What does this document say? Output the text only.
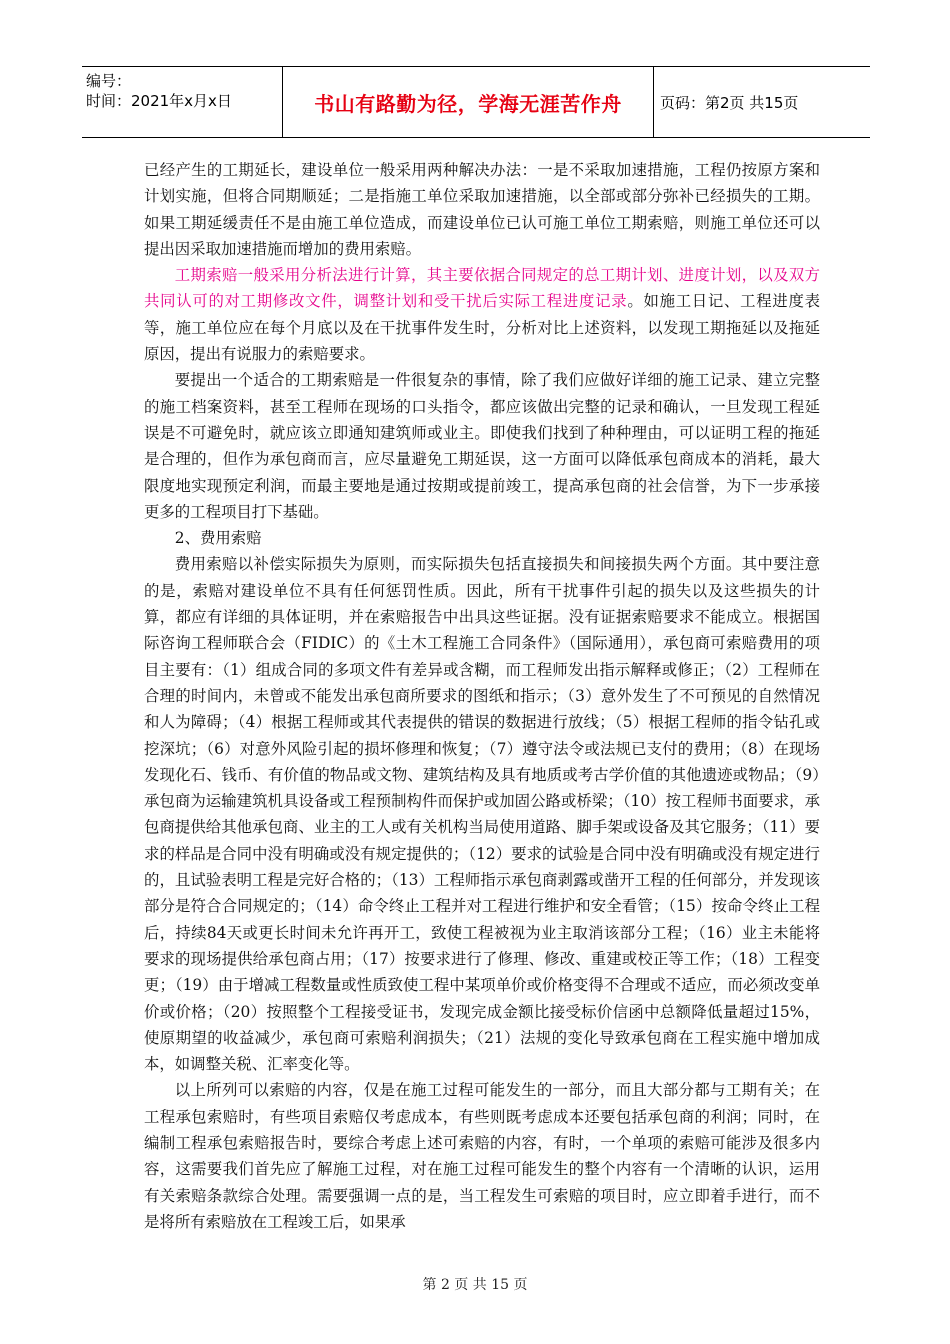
编号：
时间：2021年x月x日	书山有路勤为径，学海无涯苦作舟	页码：第2页 共15页

已经产生的工期延长，建设单位一般采用两种解决办法：一是不采取加速措施，工程仍按原方案和计划实施，但将合同期顺延；二是指施工单位采取加速措施，以全部或部分弥补已经损失的工期。如果工期延缓责任不是由施工单位造成，而建设单位已认可施工单位工期索赔，则施工单位还可以提出因采取加速措施而增加的费用索赔。

工期索赔一般采用分析法进行计算，其主要依据合同规定的总工期计划、进度计划，以及双方共同认可的对工期修改文件，调整计划和受干扰后实际工程进度记录。如施工日记、工程进度表等，施工单位应在每个月底以及在干扰事件发生时，分析对比上述资料，以发现工期拖延以及拖延原因，提出有说服力的索赔要求。

要提出一个适合的工期索赔是一件很复杂的事情，除了我们应做好详细的施工记录、建立完整的施工档案资料，甚至工程师在现场的口头指令，都应该做出完整的记录和确认，一旦发现工程延误是不可避免时，就应该立即通知建筑师或业主。即使我们找到了种种理由，可以证明工程的拖延是合理的，但作为承包商而言，应尽量避免工期延误，这一方面可以降低承包商成本的消耗，最大限度地实现预定利润，而最主要地是通过按期或提前竣工，提高承包商的社会信誉，为下一步承接更多的工程项目打下基础。

2、费用索赔

费用索赔以补偿实际损失为原则，而实际损失包括直接损失和间接损失两个方面。其中要注意的是，索赔对建设单位不具有任何惩罚性质。因此，所有干扰事件引起的损失以及这些损失的计算，都应有详细的具体证明，并在索赔报告中出具这些证据。没有证据索赔要求不能成立。根据国际咨询工程师联合会（FIDIC）的《土木工程施工合同条件》（国际通用），承包商可索赔费用的项目主要有：（1）组成合同的多项文件有差异或含糊，而工程师发出指示解释或修正；（2）工程师在合理的时间内，未曾或不能发出承包商所要求的图纸和指示；（3）意外发生了不可预见的自然情况和人为障碍；（4）根据工程师或其代表提供的错误的数据进行放线；（5）根据工程师的指令钻孔或挖深坑；（6）对意外风险引起的损坏修理和恢复；（7）遵守法令或法规已支付的费用；（8）在现场发现化石、钱币、有价值的物品或文物、建筑结构及具有地质或考古学价值的其他遗迹或物品；（9）承包商为运输建筑机具设备或工程预制构件而保护或加固公路或桥梁；（10）按工程师书面要求，承包商提供给其他承包商、业主的工人或有关机构当局使用道路、脚手架或设备及其它服务；（11）要求的样品是合同中没有明确或没有规定提供的；（12）要求的试验是合同中没有明确或没有规定进行的，且试验表明工程是完好合格的；（13）工程师指示承包商剥露或凿开工程的任何部分，并发现该部分是符合合同规定的；（14）命令终止工程并对工程进行维护和安全看管；（15）按命令终止工程后，持续84天或更长时间未允许再开工，致使工程被视为业主取消该部分工程；（16）业主未能将要求的现场提供给承包商占用；（17）按要求进行了修理、修改、重建或校正等工作；（18）工程变更；（19）由于增减工程数量或性质致使工程中某项单价或价格变得不合理或不适应，而必须改变单价或价格；（20）按照整个工程接受证书，发现完成金额比接受标价信函中总额降低量超过15%，使原期望的收益减少，承包商可索赔利润损失；（21）法规的变化导致承包商在工程实施中增加成本，如调整关税、汇率变化等。

以上所列可以索赔的内容，仅是在施工过程可能发生的一部分，而且大部分都与工期有关；在工程承包索赔时，有些项目索赔仅考虑成本，有些则既考虑成本还要包括承包商的利润；同时，在编制工程承包索赔报告时，要综合考虑上述可索赔的内容，有时，一个单项的索赔可能涉及很多内容，这需要我们首先应了解施工过程，对在施工过程可能发生的整个内容有一个清晰的认识，运用有关索赔条款综合处理。需要强调一点的是，当工程发生可索赔的项目时，应立即着手进行，而不是将所有索赔放在工程竣工后，如果承

第 2 页 共 15 页
